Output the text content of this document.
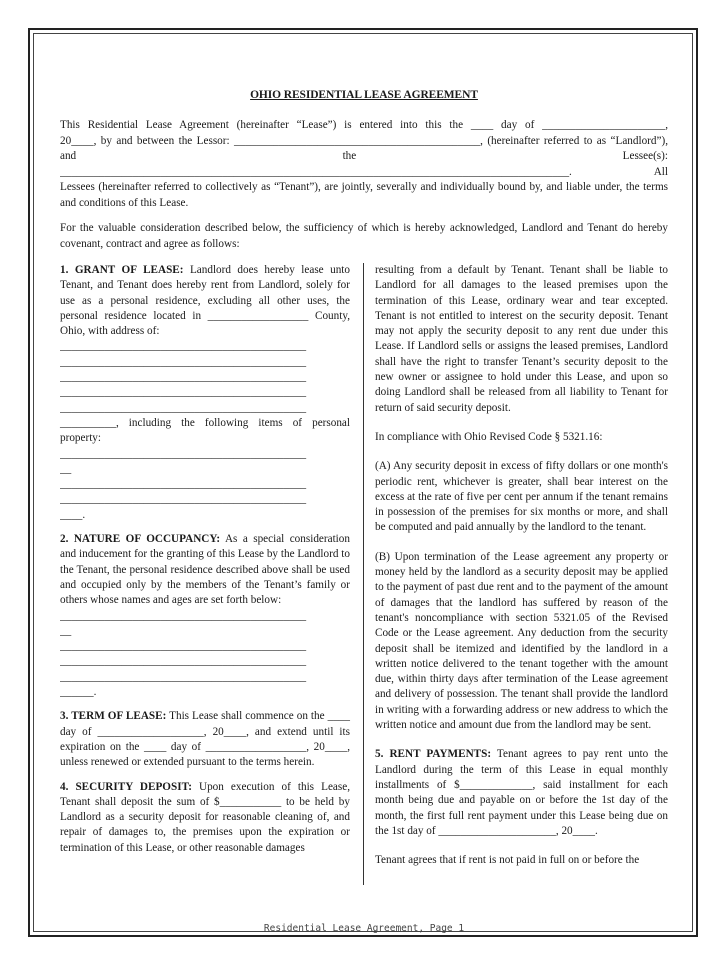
OHIO RESIDENTIAL LEASE AGREEMENT
This Residential Lease Agreement (hereinafter “Lease”) is entered into this the ____ day of ______________________,
20____, by and between the Lessor: ____________________________________________, (hereinafter referred to as “Landlord”),
and	the	Lessee(s):
___________________________________________________________________________________________. All

Lessees (hereinafter referred to collectively as “Tenant”), are jointly, severally and individually bound by, and liable under, the terms and conditions of this Lease.

For the valuable consideration described below, the sufficiency of which is hereby acknowledged, Landlord and Tenant do hereby covenant, contract and agree as follows:

1. GRANT OF LEASE: Landlord does hereby lease unto Tenant, and Tenant does hereby rent from Landlord, solely for use as a personal residence, excluding all other uses, the personal residence located in __________________ County, Ohio, with address of:

____________________________________________
____________________________________________
____________________________________________
____________________________________________
____________________________________________

__________, including the following items of personal property:

____________________________________________
__
____________________________________________
____________________________________________
____.

2. NATURE OF OCCUPANCY: As a special consideration and inducement for the granting of this Lease by the Landlord to the Tenant, the personal residence described above shall be used and occupied only by the members of the Tenant’s family or others whose names and ages are set forth below:

____________________________________________
__
____________________________________________
____________________________________________
____________________________________________
______.

3. TERM OF LEASE: This Lease shall commence on the ____ day of ___________________, 20____, and extend until its expiration on the ____ day of __________________, 20____, unless renewed or extended pursuant to the terms herein.

4. SECURITY DEPOSIT: Upon execution of this Lease, Tenant shall deposit the sum of $___________ to be held by Landlord as a security deposit for reasonable cleaning of, and repair of damages to, the premises upon the expiration or termination of this Lease, or other reasonable damages

resulting from a default by Tenant. Tenant shall be liable to Landlord for all damages to the leased premises upon the termination of this Lease, ordinary wear and tear excepted. Tenant is not entitled to interest on the security deposit. Tenant may not apply the security deposit to any rent due under this Lease. If Landlord sells or assigns the leased premises, Landlord shall have the right to transfer Tenant’s security deposit to the new owner or assignee to hold under this Lease, and upon so doing Landlord shall be released from all liability to Tenant for return of said security deposit.

In compliance with Ohio Revised Code § 5321.16:

(A) Any security deposit in excess of fifty dollars or one month's periodic rent, whichever is greater, shall bear interest on the excess at the rate of five per cent per annum if the tenant remains in possession of the premises for six months or more, and shall be computed and paid annually by the landlord to the tenant.

(B) Upon termination of the Lease agreement any property or money held by the landlord as a security deposit may be applied to the payment of past due rent and to the payment of the amount of damages that the landlord has suffered by reason of the tenant's noncompliance with section 5321.05 of the Revised Code or the Lease agreement. Any deduction from the security deposit shall be itemized and identified by the landlord in a written notice delivered to the tenant together with the amount due, within thirty days after termination of the Lease agreement and delivery of possession. The tenant shall provide the landlord in writing with a forwarding address or new address to which the written notice and amount due from the landlord may be sent.

5. RENT PAYMENTS: Tenant agrees to pay rent unto the Landlord during the term of this Lease in equal monthly installments of $_____________, said installment for each month being due and payable on or before the 1st day of the month, the first full rent payment under this Lease being due on the 1st day of _____________________, 20____.

Tenant agrees that if rent is not paid in full on or before the

Residential Lease Agreement, Page 1
